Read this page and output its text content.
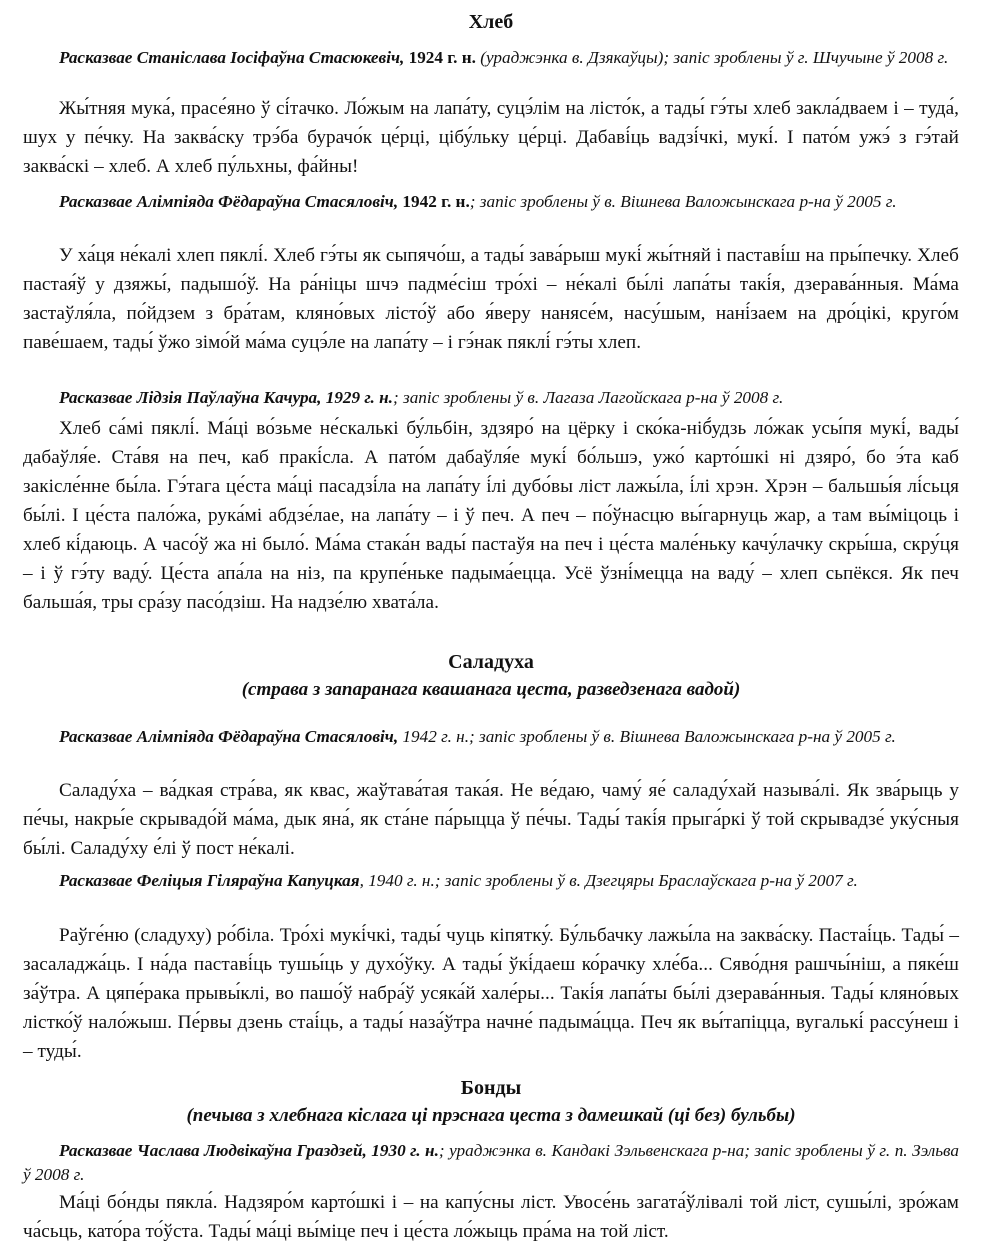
Хлеб

Расказвае Станіслава Іосіфаўна Стасюкевіч, 1924 г. н. (ураджэнка в. Дзякаўцы); запіс зроблены ў г. Шчучыне ў 2008 г.

Жы́тняя мука́, прасе́яно ў сі́тачко. Ло́жым на лапа́ту, суцэ́лім на лісто́к, а тады́ гэ́ты хлеб закла́дваем і – туда́, шух у пе́чку. На заква́ску трэ́ба бурачо́к це́рці, цібу́льку це́рці. Дабаві́ць вадзі́чкі, мукі́. І пато́м ужэ́ з гэ́тай заква́скі – хлеб. А хлеб пу́льхны, фа́йны!

Расказвае Алімпіяда Фёдараўна Стасяловіч, 1942 г. н.; запіс зроблены ў в. Вішнева Валожынскага р-на ў 2005 г.

У ха́ця не́калі хлеп пяклі́. Хлеб гэ́ты як сыпячо́ш, а тады́ зава́рыш мукі́ жы́тняй і паставі́ш на пры́печку. Хлеб пастая́ў у дзяжы́, падышо́ў. На ра́ніцы шчэ падме́сіш тро́хі – не́калі бы́лі лапа́ты такі́я, дзерава́нныя. Ма́ма застаўля́ла, по́йдзем з бра́там, кляно́вых лісто́ў або я́веру нанясе́м, насу́шым, нані́заем на дро́цікі, круго́м паве́шаем, тады́ ўжо зімо́й ма́ма суцэ́ле на лапа́ту – і гэ́нак пяклі́ гэ́ты хлеп.

Расказвае Лідзія Паўлаўна Качура, 1929 г. н.; запіс зроблены ў в. Лагаза Лагойскага р-на ў 2008 г.

Хлеб са́мі пяклі́. Ма́ці во́зьме не́скалькі бу́льбін, здзяро́ на цёрку і ско́ка-ніб́удзь ло́жак усы́пя мукі́, вады́ дабаўля́е. Ста́вя на печ, каб пракі́сла. А пато́м дабаўля́е мукі́ бо́льшэ, ужо́ карто́шкі ні дзяро́, бо э́та каб закісле́нне бы́ла. Гэ́тага це́ста ма́ці пасадзі́ла на лапа́ту і́лі дубо́вы ліст лажы́ла, і́лі хрэн. Хрэн – бальшы́я лі́сьця бы́лі. І це́ста пало́жа, рука́мі абдзе́лае, на лапа́ту – і ў печ. А печ – по́ўнасцю вы́гарнуць жар, а там вы́міцоць і хлеб кі́даюць. А часо́ў жа ні было́. Ма́ма стака́н вады́ пастаўя на печ і це́ста мале́ньку качу́лачку скры́ша, скру́ця – і ў гэ́ту ваду́. Це́ста апа́ла на ніз, па крупе́ньке падыма́ецца. Усё ўзні́мецца на ваду́ – хлеп сьпёкся. Як печ бальша́я, тры сра́зу пасо́дзіш. На надзе́лю хвата́ла.

Саладуха
(страва з запаранага квашанага цеста, разведзенага вадой)

Расказвае Алімпіяда Фёдараўна Стасяловіч, 1942 г. н.; запіс зроблены ў в. Вішнева Валожынскага р-на ў 2005 г.

Саладу́ха – ва́дкая стра́ва, як квас, жаўтава́тая така́я. Не ве́даю, чаму́ яе́ саладу́хай называ́лі. Як зва́рыць у пе́чы, накры́е скрывадо́й ма́ма, дык яна́, як ста́не па́рыцца ў пе́чы. Тады́ такі́я прыга́ркі ў той скрывадзе́ уку́сныя бы́лі. Саладу́ху е́лі ў пост не́калі.

Расказвае Феліцыя Гіляраўна Капуцкая, 1940 г. н.; запіс зроблены ў в. Дзегцяры Браслаўскага р-на ў 2007 г.

Раўге́ню (сладуху) ро́біла. Тро́хі мукі́чкі, тады́ чуць кіпятку́. Бу́льбачку лажы́ла на заква́ску. Пастаі́ць. Тады́ – засаладжа́ць. І на́да паставі́ць тушы́ць у духо́ўку. А тады́ ўкі́даеш ко́рачку хле́ба... Сяво́дня рашчы́ніш, а пяке́ш за́ўтра. А цяпе́рака прывы́клі, во пашо́ў набра́ў усяка́й хале́ры... Такі́я лапа́ты бы́лі дзерава́нныя. Тады́ кляно́вых лістко́ў нало́жыш. Пе́рвы дзень стаі́ць, а тады́ наза́ўтра начне́ падыма́цца. Печ як вы́тапіцца, вугалькі́ рассу́неш і – туды́.

Бонды
(печыва з хлебнага кіслага ці прэснага цеста з дамешкай (ці без) бульбы)

Расказвае Часлава Людвікаўна Граздзей, 1930 г. н.; ураджэнка в. Кандакі Зэльвенскага р-на; запіс зроблены ў г. п. Зэльва ў 2008 г.

Ма́ці бо́нды пякла́. Надзяро́м карто́шкі і – на капу́сны ліст. Увосе́нь загата́ўлівалі той ліст, сушы́лі, зро́жам ча́сьць, като́ра то́ўста. Тады́ ма́ці вы́міце печ і це́ста ло́жыць пра́ма на той ліст.
